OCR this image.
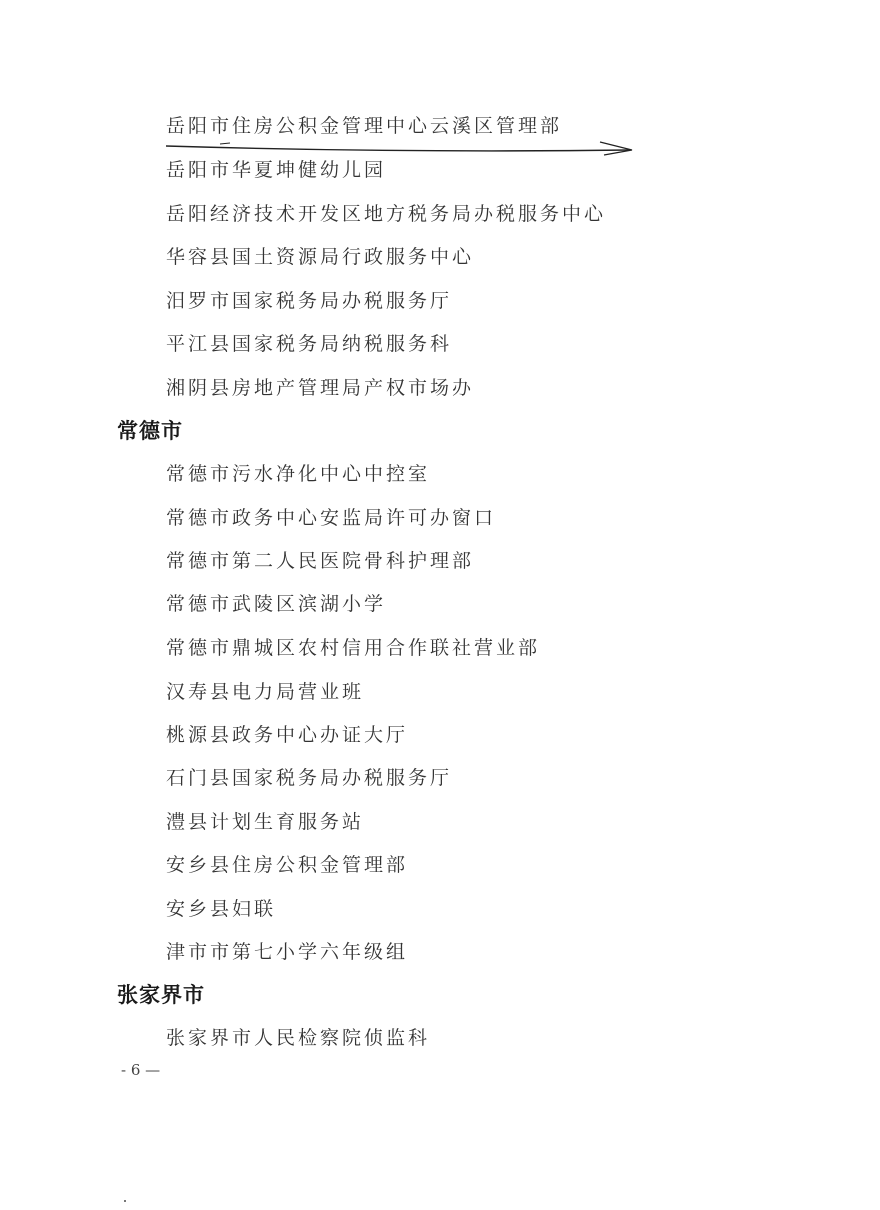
岳阳市住房公积金管理中心云溪区管理部
岳阳市华夏坤健幼儿园
岳阳经济技术开发区地方税务局办税服务中心
华容县国土资源局行政服务中心
汨罗市国家税务局办税服务厅
平江县国家税务局纳税服务科
湘阴县房地产管理局产权市场办
常德市
常德市污水净化中心中控室
常德市政务中心安监局许可办窗口
常德市第二人民医院骨科护理部
常德市武陵区滨湖小学
常德市鼎城区农村信用合作联社营业部
汉寿县电力局营业班
桃源县政务中心办证大厅
石门县国家税务局办税服务厅
澧县计划生育服务站
安乡县住房公积金管理部
安乡县妇联
津市市第七小学六年级组
张家界市
张家界市人民检察院侦监科
- 6 —
